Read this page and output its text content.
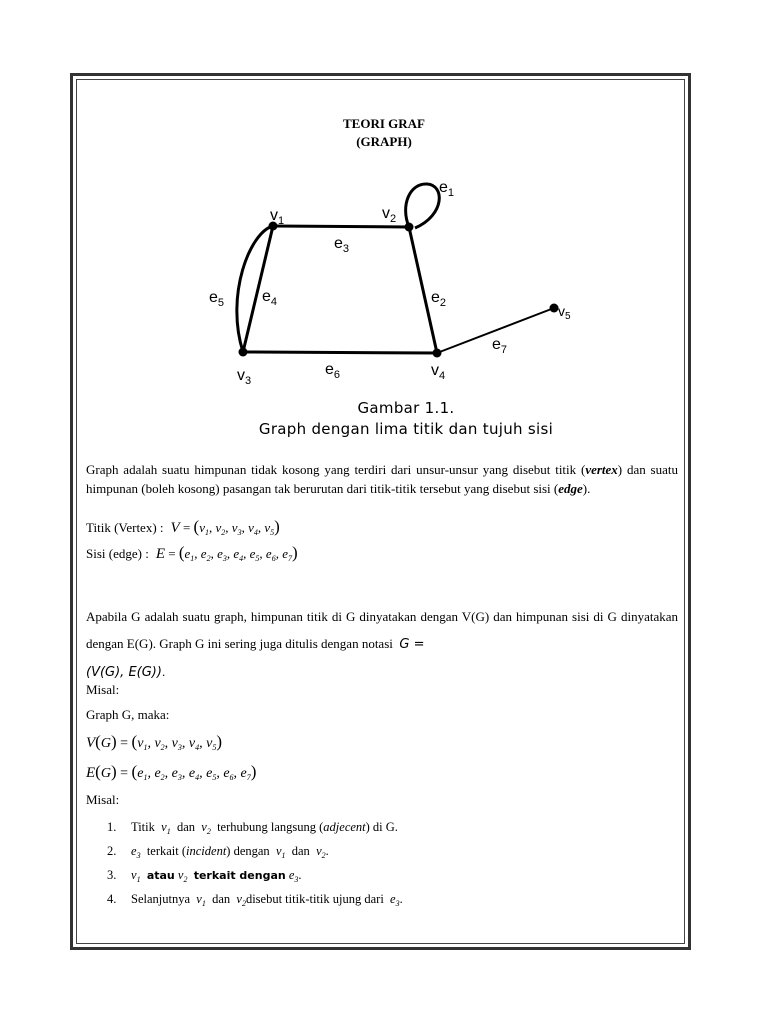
TEORI GRAF
(GRAPH)
$v_1$	$v_2$
$v_3$
$v_4$
$v_5$
$e_1$
$e_2$
$e_3$
$e_4$
$e_5$
$e_6$
$e_7$
Gambar 1.1.
Graph dengan lima titik dan tujuh sisi
Graph adalah suatu himpunan tidak kosong yang terdiri dari unsur-unsur yang disebut titik (vertex) dan suatu himpunan (boleh kosong) pasangan tak berurutan dari titik-titik tersebut yang disebut sisi (edge).
Titik (Vertex) :  $V = (v_1$, $v_2$, $v_3$, $v_4$, $v_5$)
Sisi (edge) :  $E = (e_1$, $e_2$, $e_3$, $e_4$, $e_5$, $e_6$, $e_7$)
Apabila G adalah suatu graph, himpunan titik di G dinyatakan dengan V(G) dan himpunan sisi di G dinyatakan dengan E(G). Graph G ini sering juga ditulis dengan notasi G =
(V(G), E(G)).
Misal:
Graph G, maka:
$V(G) = (v_1$, $v_2$, $v_3$, $v_4$, $v_5$)
$E(G) = (e_1$, $e_2$, $e_3$, $e_4$, $e_5$, $e_6$, $e_7$)
Misal:
1. Titik $v_1$ dan $v_2$ terhubung langsung (adjecent) di G.
2. $e_3$ terkait (incident) dengan $v_1$ dan $v_2$.
3. $v_1$ atau $v_2$ terkait dengan $e_3$.
4. Selanjutnya $v_1$ dan $v_2disebut$ titik-titik ujung dari $e_3$.
